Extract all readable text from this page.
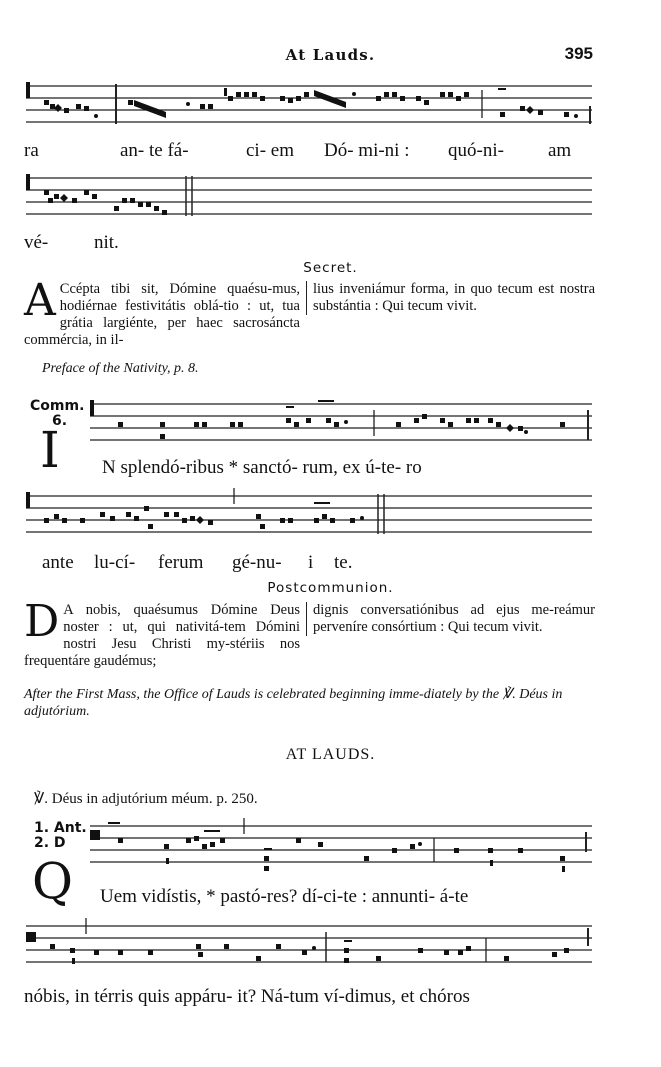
At Lauds.	395
ra	an- te fá-	ci- em Dó- mi-ni : quó-ni- am
vé- nit.
Secret.
A Ccépta tibi sit, Dómine quaésu-mus, hodiérnae festivitátis oblá-tio : ut, tua grátia largiénte, per haec sacrosáncta commércia, in il-
lius inveniámur forma, in quo tecum est nostra substántia : Qui tecum vivit.
Preface of the Nativity, p. 8.
Comm.
6.
I N splendó-ribus * sanctó- rum, ex ú-te- ro
ante lu-cí- ferum gé-nu- i te.
Postcommunion.
D A nobis, quaésumus Dómine Deus noster : ut, qui nativitá-tem Dómini nostri Jesu Christi my-stériis nos frequentáre gaudémus;
dignis conversatiónibus ad ejus me-reámur perveníre consórtium : Qui tecum vivit.
After the First Mass, the Office of Lauds is celebrated beginning imme-diately by the ℣. Déus in adjutórium.
AT LAUDS.
℣. Déus in adjutórium méum. p. 250.
1. Ant.
2. D
Q Uem vidístis, * pastó-res? dí-ci-te : annunti- á-te
nóbis, in térris quis appáru- it? Ná-tum ví-dimus, et chóros
